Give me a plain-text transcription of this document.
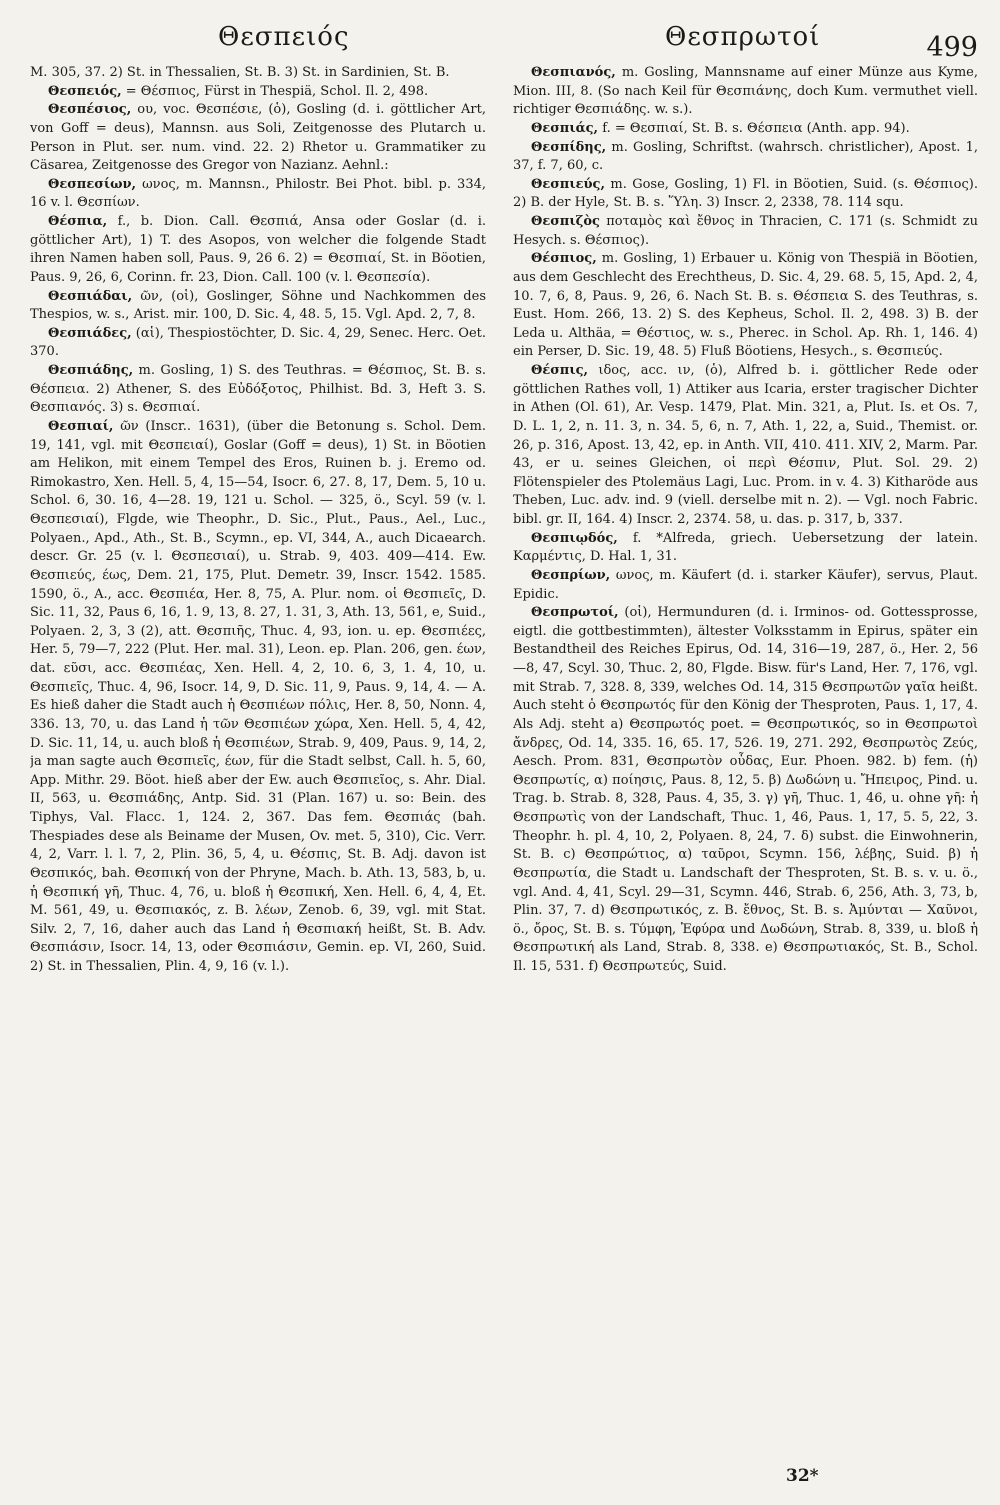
Θεσπειός	Θεσπρωτοί	499

M. 305, 37. 2) St. in Thessalien, St. B. 3) St. in Sardinien, St. B.

Θεσπειός, = Θέσπιος, Fürst in Thespiä, Schol. Il. 2, 498.

Θεσπέσιος, ου, voc. Θεσπέσιε, (ὁ), Gosling (d. i. göttlicher Art, von Goff = deus), Mannsn. aus Soli, Zeitgenosse des Plutarch u. Person in Plut. ser. num. vind. 22. 2) Rhetor u. Grammatiker zu Cäsarea, Zeitgenosse des Gregor von Nazianz. Aehnl.:

Θεσπεσίων, ωνος, m. Mannsn., Philostr. Bei Phot. bibl. p. 334, 16 v. l. Θεσπίων.

Θέσπια, f., b. Dion. Call. Θεσπιά, Ansa oder Goslar (d. i. göttlicher Art), 1) T. des Asopos, von welcher die folgende Stadt ihren Namen haben soll, Paus. 9, 26 6. 2) = Θεσπιαί, St. in Böotien, Paus. 9, 26, 6, Corinn. fr. 23, Dion. Call. 100 (v. l. Θεσπεσία).

Θεσπιάδαι, ῶν, (οἱ), Goslinger, Söhne und Nachkommen des Thespios, w. s., Arist. mir. 100, D. Sic. 4, 48. 5, 15. Vgl. Apd. 2, 7, 8.

Θεσπιάδες, (αἱ), Thespiostöchter, D. Sic. 4, 29, Senec. Herc. Oet. 370.

Θεσπιάδης, m. Gosling, 1) S. des Teuthras. = Θέσπιος, St. B. s. Θέσπεια. 2) Athener, S. des Εὐδόξοτος, Philhist. Bd. 3, Heft 3. S. Θεσπιανός. 3) s. Θεσπιαί.

Θεσπιαί, ῶν (Inscr.. 1631), (über die Betonung s. Schol. Dem. 19, 141, vgl. mit Θεσπειαί), Goslar (Goff = deus), 1) St. in Böotien am Helikon, mit einem Tempel des Eros, Ruinen b. j. Eremo od. Rimokastro, Xen. Hell. 5, 4, 15—54, Isocr. 6, 27. 8, 17, Dem. 5, 10 u. Schol. 6, 30. 16, 4—28. 19, 121 u. Schol. — 325, ö., Scyl. 59 (v. l. Θεσπεσιαί), Flgde, wie Theophr., D. Sic., Plut., Paus., Ael., Luc., Polyaen., Apd., Ath., St. B., Scymn., ep. VI, 344, A., auch Dicaearch. descr. Gr. 25 (v. l. Θεσπεσιαί), u. Strab. 9, 403. 409—414. Ew. Θεσπιεύς, έως, Dem. 21, 175, Plut. Demetr. 39, Inscr. 1542. 1585. 1590, ö., A., acc. Θεσπιέα, Her. 8, 75, A. Plur. nom. οἱ Θεσπιεῖς, D. Sic. 11, 32, Paus 6, 16, 1. 9, 13, 8. 27, 1. 31, 3, Ath. 13, 561, e, Suid., Polyaen. 2, 3, 3 (2), att. Θεσπιῆς, Thuc. 4, 93, ion. u. ep. Θεσπιέες, Her. 5, 79—7, 222 (Plut. Her. mal. 31), Leon. ep. Plan. 206, gen. έων, dat. εῦσι, acc. Θεσπιέας, Xen. Hell. 4, 2, 10. 6, 3, 1. 4, 10, u. Θεσπιεῖς, Thuc. 4, 96, Isocr. 14, 9, D. Sic. 11, 9, Paus. 9, 14, 4. — A. Es hieß daher die Stadt auch ἡ Θεσπιέων πόλις, Her. 8, 50, Nonn. 4, 336. 13, 70, u. das Land ἡ τῶν Θεσπιέων χώρα, Xen. Hell. 5, 4, 42, D. Sic. 11, 14, u. auch bloß ἡ Θεσπιέων, Strab. 9, 409, Paus. 9, 14, 2, ja man sagte auch Θεσπιεῖς, έων, für die Stadt selbst, Call. h. 5, 60, App. Mithr. 29. Böot. hieß aber der Ew. auch Θεσπιεῖος, s. Ahr. Dial. II, 563, u. Θεσπιάδης, Antp. Sid. 31 (Plan. 167) u. so: Bein. des Tiphys, Val. Flacc. 1, 124. 2, 367. Das fem. Θεσπιάς (bah. Thespiades dese als Beiname der Musen, Ov. met. 5, 310), Cic. Verr. 4, 2, Varr. l. l. 7, 2, Plin. 36, 5, 4, u. Θέσπις, St. B. Adj. davon ist Θεσπικός, bah. Θεσπική von der Phryne, Mach. b. Ath. 13, 583, b, u. ἡ Θεσπική γῆ, Thuc. 4, 76, u. bloß ἡ Θεσπική, Xen. Hell. 6, 4, 4, Et. M. 561, 49, u. Θεσπιακός, z. B. λέων, Zenob. 6, 39, vgl. mit Stat. Silv. 2, 7, 16, daher auch das Land ἡ Θεσπιακή heißt, St. B. Adv. Θεσπιάσιν, Isocr. 14, 13, oder Θεσπιάσιν, Gemin. ep. VI, 260, Suid. 2) St. in Thessalien, Plin. 4, 9, 16 (v. l.).

Θεσπιανός, m. Gosling, Mannsname auf einer Münze aus Kyme, Mion. III, 8. (So nach Keil für Θεσπιάνης, doch Kum. vermuthet viell. richtiger Θεσπιάδης. w. s.).

Θεσπιάς, f. = Θεσπιαί, St. B. s. Θέσπεια (Anth. app. 94).

Θεσπίδης, m. Gosling, Schriftst. (wahrsch. christlicher), Apost. 1, 37, f. 7, 60, c.

Θεσπιεύς, m. Gose, Gosling, 1) Fl. in Böotien, Suid. (s. Θέσπιος). 2) B. der Hyle, St. B. s. Ὕλη. 3) Inscr. 2, 2338, 78. 114 squ.

Θεσπιζὸς ποταμὸς καὶ ἔθνος in Thracien, C. 171 (s. Schmidt zu Hesych. s. Θέσπιος).

Θέσπιος, m. Gosling, 1) Erbauer u. König von Thespiä in Böotien, aus dem Geschlecht des Erechtheus, D. Sic. 4, 29. 68. 5, 15, Apd. 2, 4, 10. 7, 6, 8, Paus. 9, 26, 6. Nach St. B. s. Θέσπεια S. des Teuthras, s. Eust. Hom. 266, 13. 2) S. des Kepheus, Schol. Il. 2, 498. 3) B. der Leda u. Althäa, = Θέστιος, w. s., Pherec. in Schol. Ap. Rh. 1, 146. 4) ein Perser, D. Sic. 19, 48. 5) Fluß Böotiens, Hesych., s. Θεσπιεύς.

Θέσπις, ιδος, acc. ιν, (ὁ), Alfred b. i. göttlicher Rede oder göttlichen Rathes voll, 1) Attiker aus Icaria, erster tragischer Dichter in Athen (Ol. 61), Ar. Vesp. 1479, Plat. Min. 321, a, Plut. Is. et Os. 7, D. L. 1, 2, n. 11. 3, n. 34. 5, 6, n. 7, Ath. 1, 22, a, Suid., Themist. or. 26, p. 316, Apost. 13, 42, ep. in Anth. VII, 410. 411. XIV, 2, Marm. Par. 43, er u. seines Gleichen, οἱ περὶ Θέσπιν, Plut. Sol. 29. 2) Flötenspieler des Ptolemäus Lagi, Luc. Prom. in v. 4. 3) Kitharöde aus Theben, Luc. adv. ind. 9 (viell. derselbe mit n. 2). — Vgl. noch Fabric. bibl. gr. II, 164. 4) Inscr. 2, 2374. 58, u. das. p. 317, b, 337.

Θεσπιῳδός, f. *Alfreda, griech. Uebersetzung der latein. Καρμέντις, D. Hal. 1, 31.

Θεσπρίων, ωνος, m. Käufert (d. i. starker Käufer), servus, Plaut. Epidic.

Θεσπρωτοί, (οἱ), Hermunduren (d. i. Irminos- od. Gottessprosse, eigtl. die gottbestimmten), ältester Volksstamm in Epirus, später ein Bestandtheil des Reiches Epirus, Od. 14, 316—19, 287, ö., Her. 2, 56—8, 47, Scyl. 30, Thuc. 2, 80, Flgde. Bisw. für's Land, Her. 7, 176, vgl. mit Strab. 7, 328. 8, 339, welches Od. 14, 315 Θεσπρωτῶν γαῖα heißt. Auch steht ὁ Θεσπρωτός für den König der Thesproten, Paus. 1, 17, 4. Als Adj. steht a) Θεσπρωτός poet. = Θεσπρωτικός, so in Θεσπρωτοὶ ἄνδρες, Od. 14, 335. 16, 65. 17, 526. 19, 271. 292, Θεσπρωτὸς Ζεύς, Aesch. Prom. 831, Θεσπρωτὸν οὖδας, Eur. Phoen. 982. b) fem. (ἡ) Θεσπρωτίς, α) ποίησις, Paus. 8, 12, 5. β) Δωδώνη u. Ἤπειρος, Pind. u. Trag. b. Strab. 8, 328, Paus. 4, 35, 3. γ) γῆ, Thuc. 1, 46, u. ohne γῆ: ἡ Θεσπρωτὶς von der Landschaft, Thuc. 1, 46, Paus. 1, 17, 5. 5, 22, 3. Theophr. h. pl. 4, 10, 2, Polyaen. 8, 24, 7. δ) subst. die Einwohnerin, St. B. c) Θεσπρώτιος, α) ταῦροι, Scymn. 156, λέβης, Suid. β) ἡ Θεσπρωτία, die Stadt u. Landschaft der Thesproten, St. B. s. v. u. ö., vgl. And. 4, 41, Scyl. 29—31, Scymn. 446, Strab. 6, 256, Ath. 3, 73, b, Plin. 37, 7. d) Θεσπρωτικός, z. B. ἔθνος, St. B. s. Ἀμύνται — Χαῦνοι, ö., ὄρος, St. B. s. Τύμφη, Ἐφύρα und Δωδώνη, Strab. 8, 339, u. bloß ἡ Θεσπρωτική als Land, Strab. 8, 338. e) Θεσπρωτιακός, St. B., Schol. Il. 15, 531. f) Θεσπρωτεύς, Suid.

32*
